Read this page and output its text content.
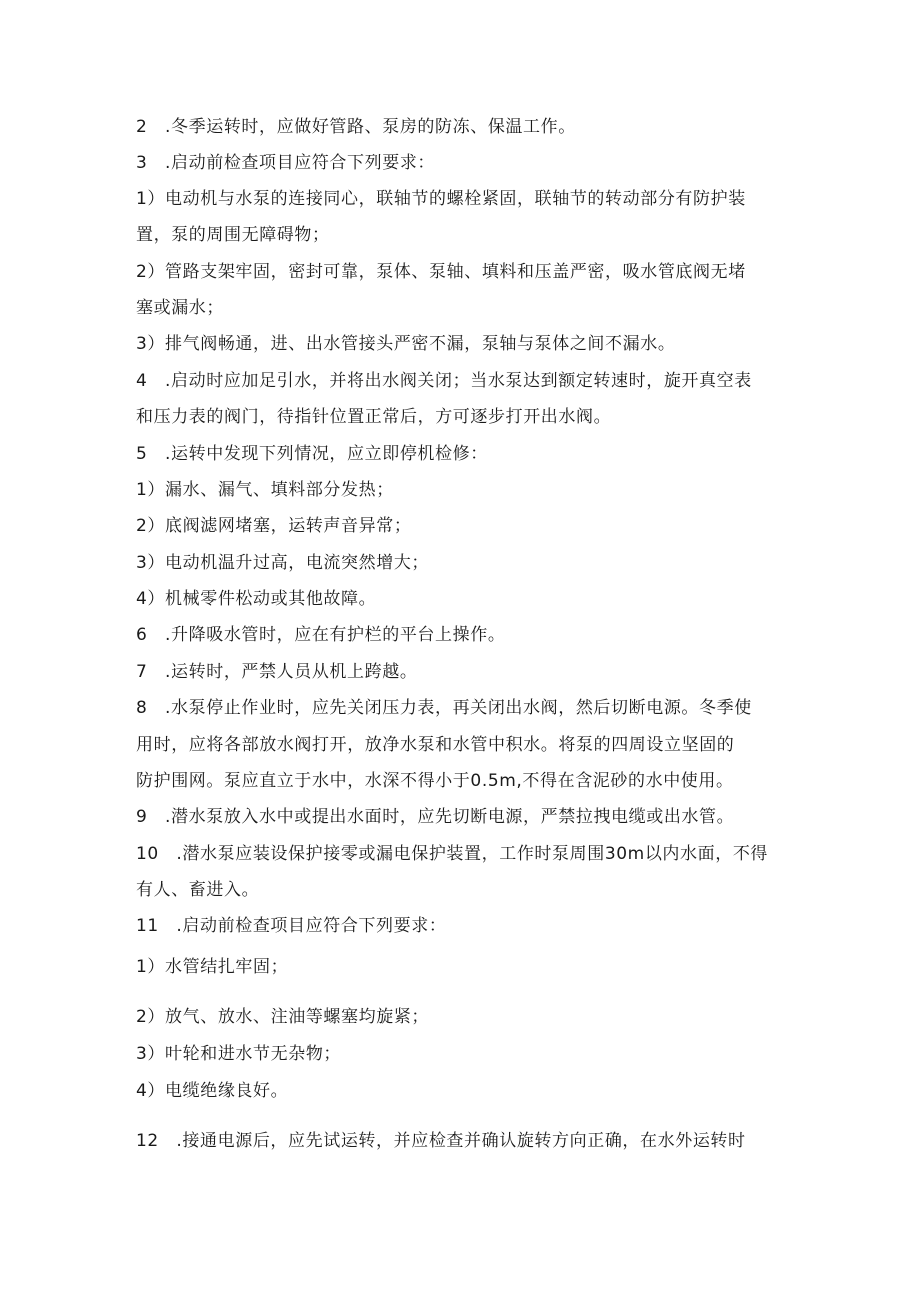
2　.冬季运转时，应做好管路、泵房的防冻、保温工作。
3　.启动前检查项目应符合下列要求：
1）电动机与水泵的连接同心，联轴节的螺栓紧固，联轴节的转动部分有防护装
置，泵的周围无障碍物；
2）管路支架牢固，密封可靠，泵体、泵轴、填料和压盖严密，吸水管底阀无堵
塞或漏水；
3）排气阀畅通，进、出水管接头严密不漏，泵轴与泵体之间不漏水。
4　.启动时应加足引水，并将出水阀关闭；当水泵达到额定转速时，旋开真空表
和压力表的阀门，待指针位置正常后，方可逐步打开出水阀。
5　.运转中发现下列情况，应立即停机检修：
1）漏水、漏气、填料部分发热；
2）底阀滤网堵塞，运转声音异常；
3）电动机温升过高，电流突然增大；
4）机械零件松动或其他故障。
6　.升降吸水管时，应在有护栏的平台上操作。
7　.运转时，严禁人员从机上跨越。
8　.水泵停止作业时，应先关闭压力表，再关闭出水阀，然后切断电源。冬季使
用时，应将各部放水阀打开，放净水泵和水管中积水。将泵的四周设立坚固的
防护围网。泵应直立于水中，水深不得小于0.5m,不得在含泥砂的水中使用。
9　.潜水泵放入水中或提出水面时，应先切断电源，严禁拉拽电缆或出水管。
10　.潜水泵应装设保护接零或漏电保护装置，工作时泵周围30m以内水面，不得
有人、畜进入。
11　.启动前检查项目应符合下列要求：
1）水管结扎牢固；
2）放气、放水、注油等螺塞均旋紧；
3）叶轮和进水节无杂物；
4）电缆绝缘良好。
12　.接通电源后，应先试运转，并应检查并确认旋转方向正确，在水外运转时
